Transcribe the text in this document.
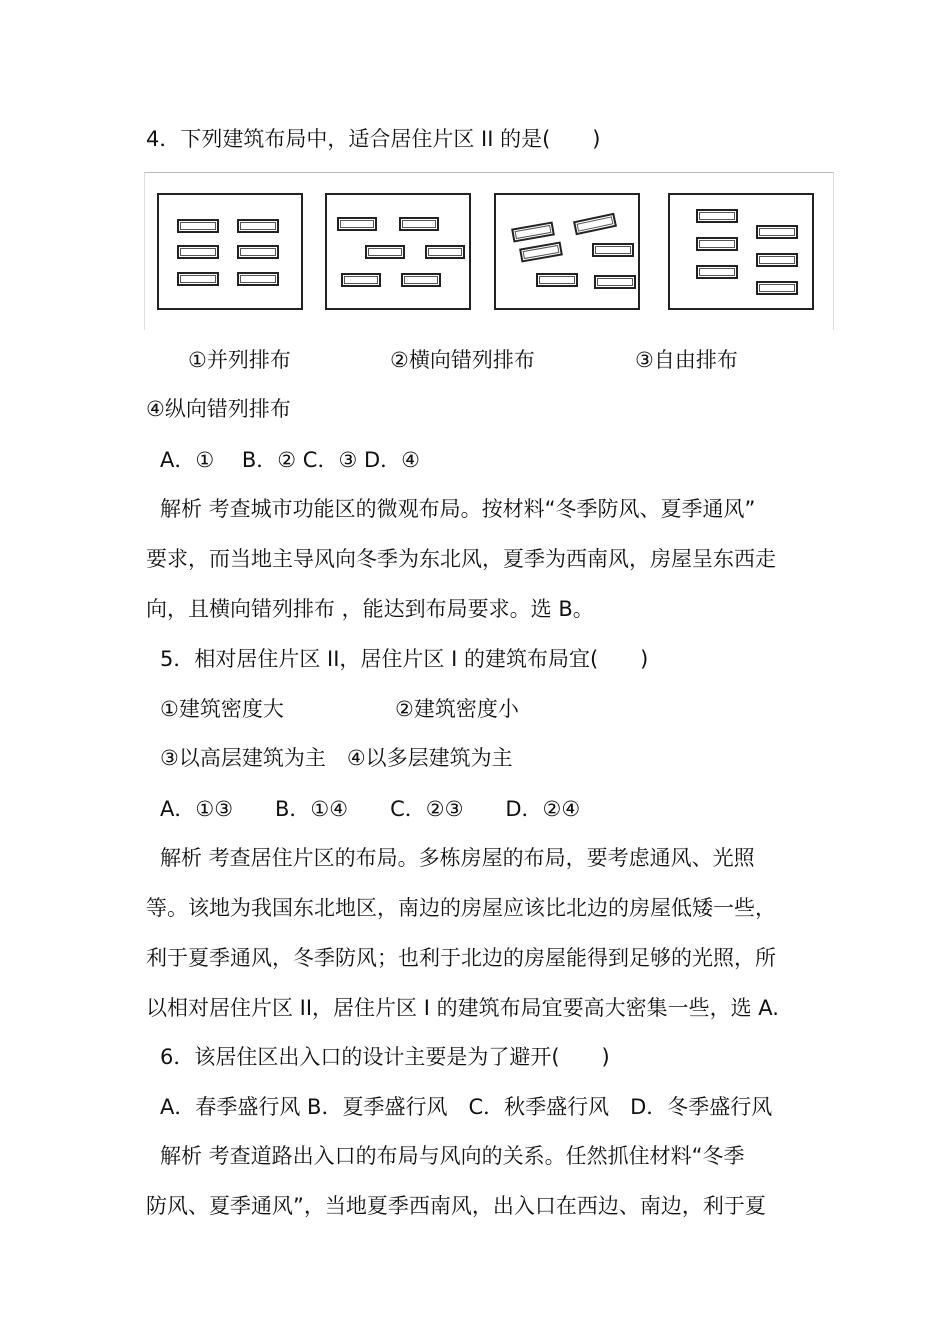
4．下列建筑布局中，适合居住片区 II 的是(　　)
①并列排布	②横向错列排布	③自由排布
④纵向错列排布
A．①　 B．② C．③ D．④
解析 考查城市功能区的微观布局。按材料“冬季防风、夏季通风”
要求，而当地主导风向冬季为东北风，夏季为西南风，房屋呈东西走
向，且横向错列排布 ，能达到布局要求。选 B。
5．相对居住片区 II，居住片区 I 的建筑布局宜(　　)
①建筑密度大	②建筑密度小
③以高层建筑为主　④以多层建筑为主
A．①③　　B．①④　　C．②③　　D．②④
解析 考查居住片区的布局。多栋房屋的布局，要考虑通风、光照
等。该地为我国东北地区，南边的房屋应该比北边的房屋低矮一些，
利于夏季通风，冬季防风；也利于北边的房屋能得到足够的光照，所
以相对居住片区 II，居住片区 I 的建筑布局宜要高大密集一些，选 A.
6．该居住区出入口的设计主要是为了避开(　　)
A．春季盛行风 B．夏季盛行风　C．秋季盛行风　D．冬季盛行风
解析 考查道路出入口的布局与风向的关系。任然抓住材料“冬季
防风、夏季通风”，当地夏季西南风，出入口在西边、南边，利于夏
